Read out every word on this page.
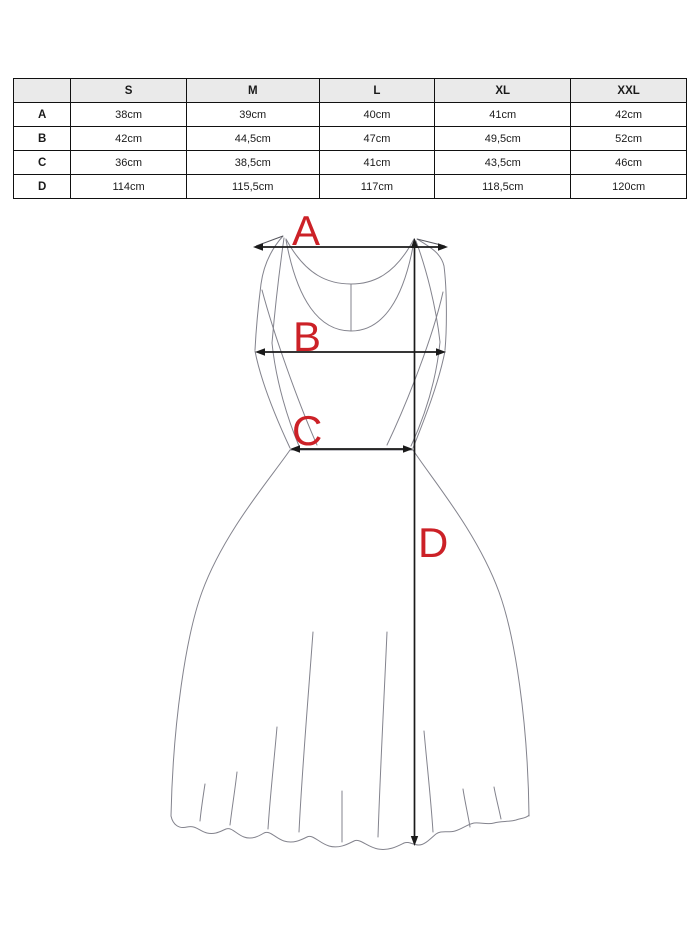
	S	M	L	XL	XXL
A	38cm	39cm	40cm	41cm	42cm
B	42cm	44,5cm	47cm	49,5cm	52cm
C	36cm	38,5cm	41cm	43,5cm	46cm
D	114cm	115,5cm	117cm	118,5cm	120cm
A
B
C
D
